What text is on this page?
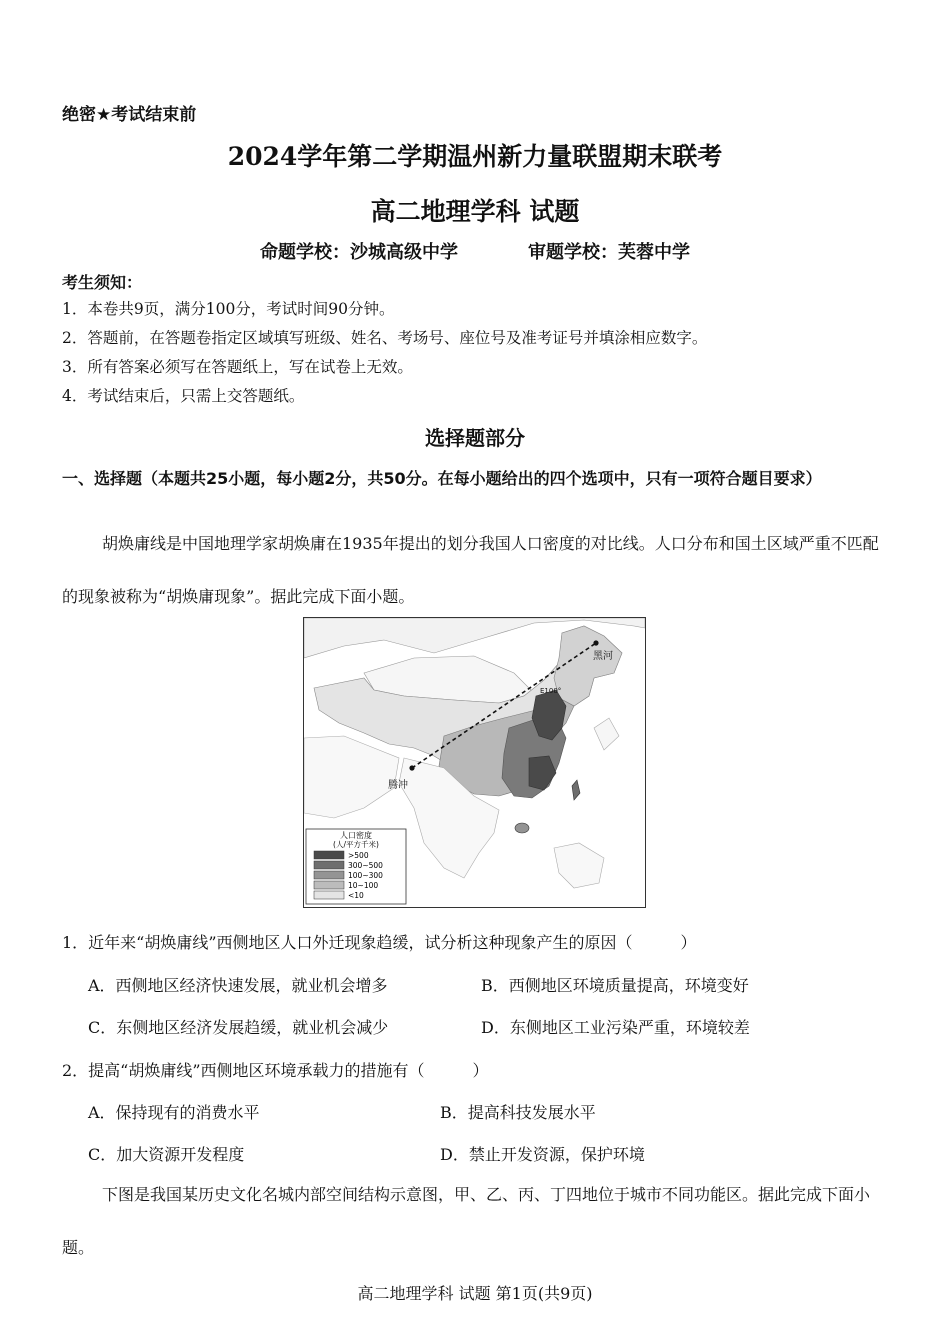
绝密★考试结束前
2024学年第二学期温州新力量联盟期末联考
高二地理学科 试题
命题学校：沙城高级中学	审题学校：芙蓉中学
考生须知：
1．本卷共9页，满分100分，考试时间90分钟。
2．答题前，在答题卷指定区域填写班级、姓名、考场号、座位号及准考证号并填涂相应数字。
3．所有答案必须写在答题纸上，写在试卷上无效。
4．考试结束后，只需上交答题纸。
选择题部分
一、选择题（本题共25小题，每小题2分，共50分。在每小题给出的四个选项中，只有一项符合题目要求）
胡焕庸线是中国地理学家胡焕庸在1935年提出的划分我国人口密度的对比线。人口分布和国土区域严重不匹配的现象被称为“胡焕庸现象”。据此完成下面小题。
黑河
腾冲
E100°
人口密度
(人/平方千米)
>500
300~500
100~300
10~100
<10
1．近年来“胡焕庸线”西侧地区人口外迁现象趋缓，试分析这种现象产生的原因（　　　）
A．西侧地区经济快速发展，就业机会增多	B．西侧地区环境质量提高，环境变好
C．东侧地区经济发展趋缓，就业机会减少	D．东侧地区工业污染严重，环境较差
2．提高“胡焕庸线”西侧地区环境承载力的措施有（　　　）
A．保持现有的消费水平	B．提高科技发展水平
C．加大资源开发程度	D．禁止开发资源，保护环境
下图是我国某历史文化名城内部空间结构示意图，甲、乙、丙、丁四地位于城市不同功能区。据此完成下面小题。
高二地理学科 试题 第1页(共9页)
